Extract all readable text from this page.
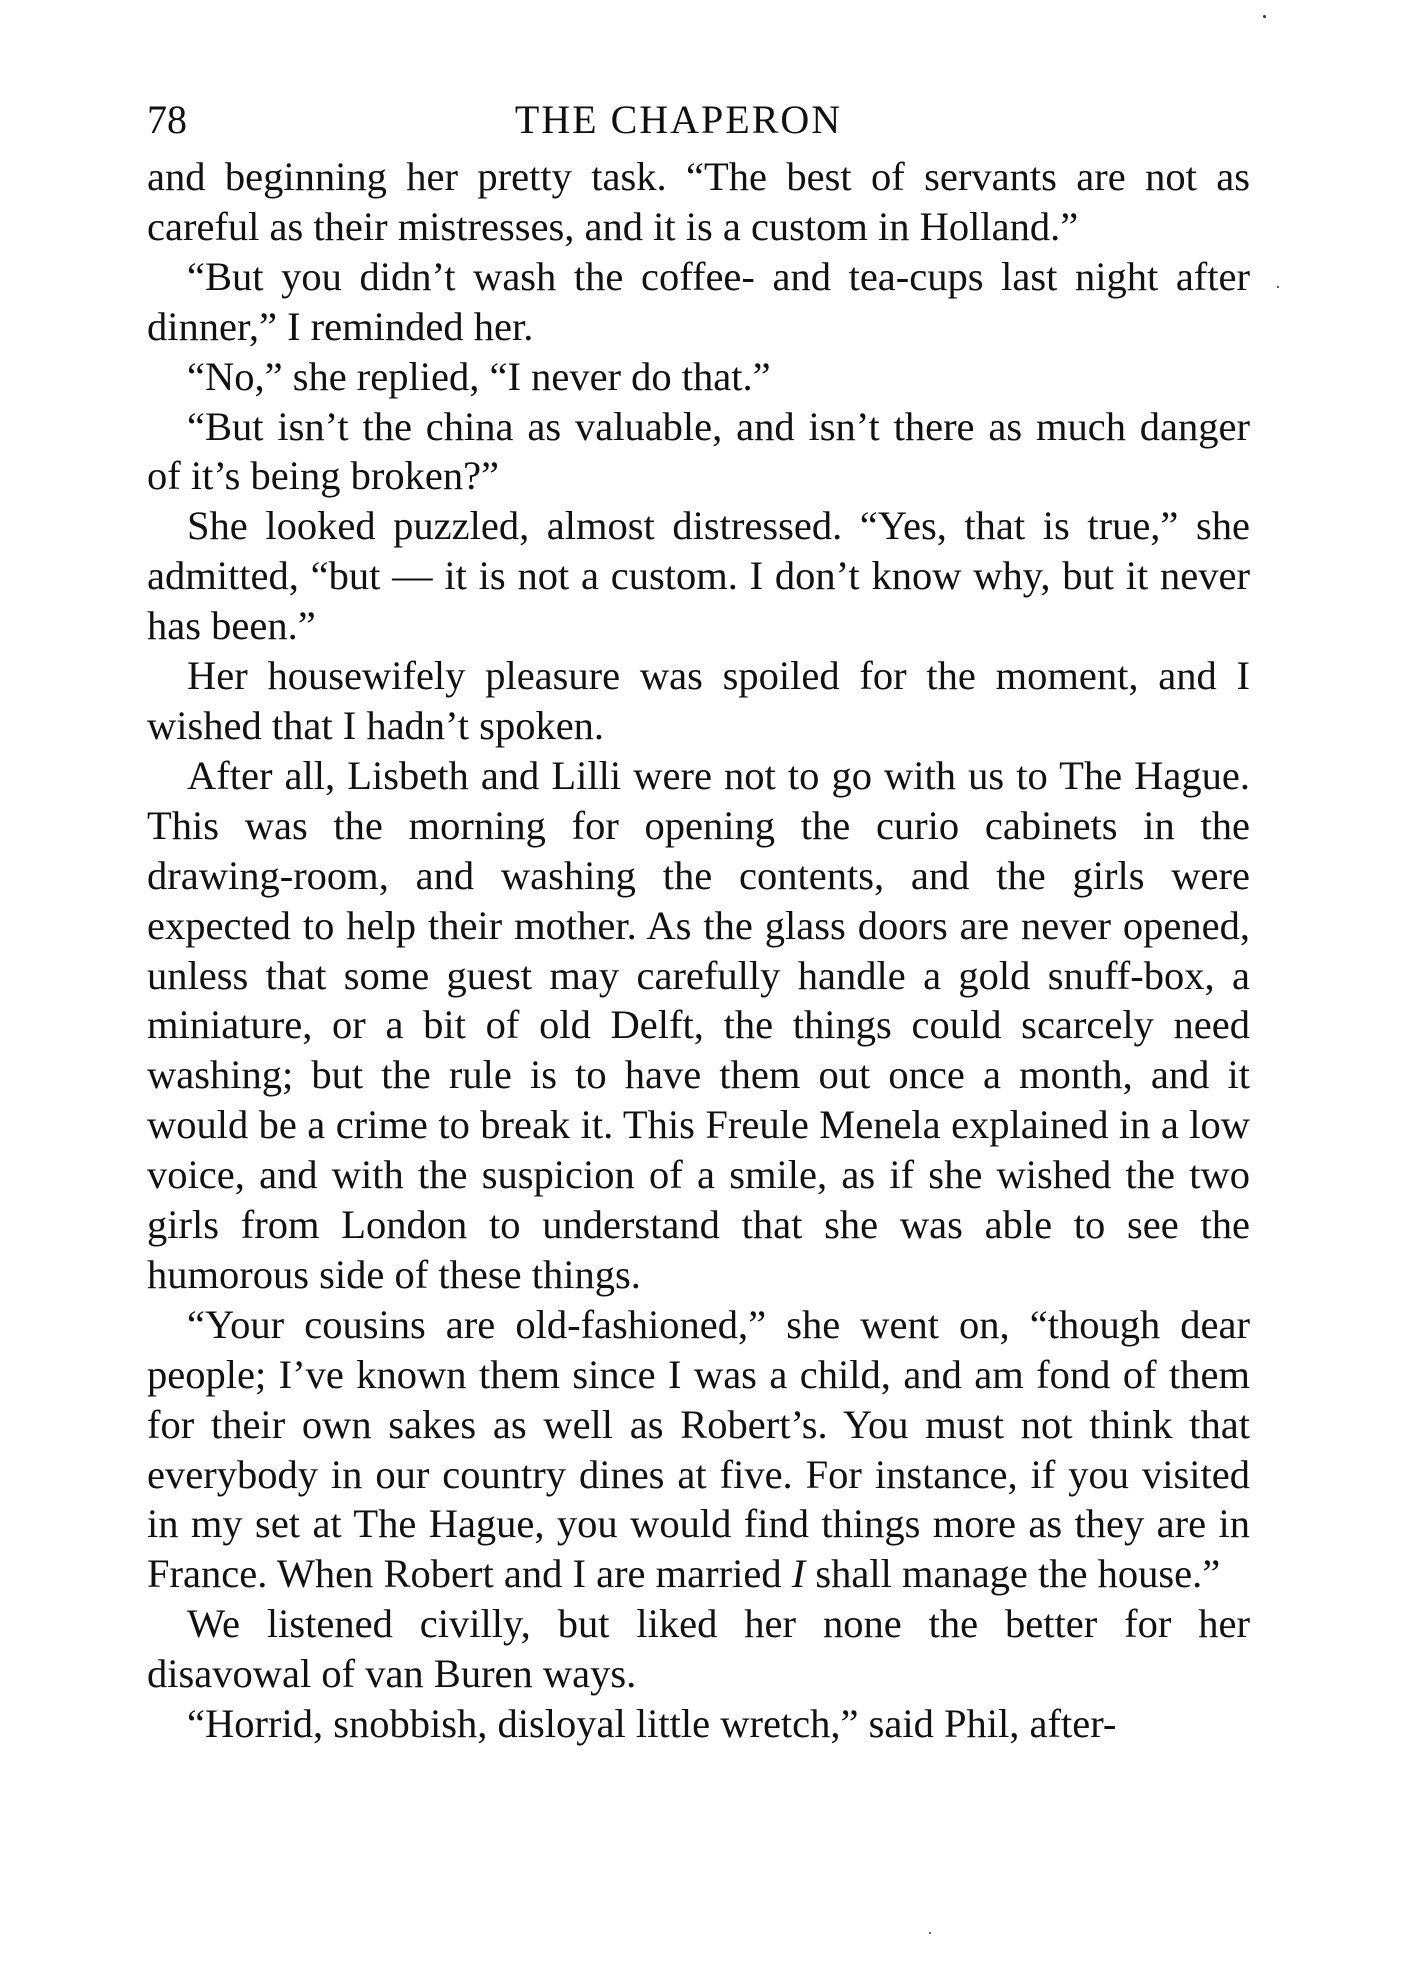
78	THE CHAPERON

and beginning her pretty task. “The best of servants are not as careful as their mistresses, and it is a custom in Holland.”

“But you didn’t wash the coffee- and tea-cups last night after dinner,” I reminded her.

“No,” she replied, “I never do that.”

“But isn’t the china as valuable, and isn’t there as much danger of it’s being broken?”

She looked puzzled, almost distressed. “Yes, that is true,” she admitted, “but — it is not a custom. I don’t know why, but it never has been.”

Her housewifely pleasure was spoiled for the moment, and I wished that I hadn’t spoken.

After all, Lisbeth and Lilli were not to go with us to The Hague. This was the morning for opening the curio cabinets in the drawing-room, and washing the contents, and the girls were expected to help their mother. As the glass doors are never opened, unless that some guest may carefully handle a gold snuff-box, a miniature, or a bit of old Delft, the things could scarcely need washing; but the rule is to have them out once a month, and it would be a crime to break it. This Freule Menela explained in a low voice, and with the suspicion of a smile, as if she wished the two girls from London to understand that she was able to see the humorous side of these things.

“Your cousins are old-fashioned,” she went on, “though dear people; I’ve known them since I was a child, and am fond of them for their own sakes as well as Robert’s. You must not think that everybody in our country dines at five. For instance, if you visited in my set at The Hague, you would find things more as they are in France. When Robert and I are married I shall manage the house.”

We listened civilly, but liked her none the better for her disavowal of van Buren ways.

“Horrid, snobbish, disloyal little wretch,” said Phil, after-
